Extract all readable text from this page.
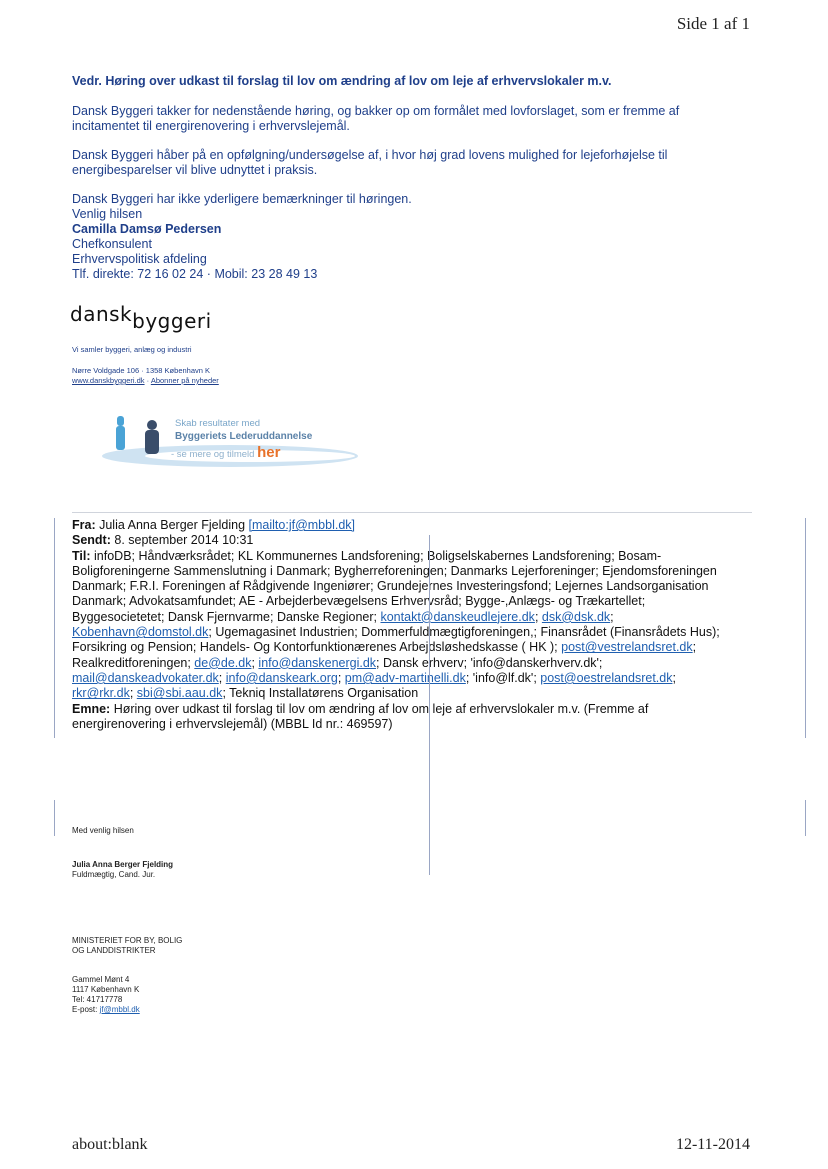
Side 1 af 1
Vedr. Høring over udkast til forslag til lov om ændring af lov om leje af erhvervslokaler m.v.
Dansk Byggeri takker for nedenstående høring, og bakker op om formålet med lovforslaget, som er fremme af
incitamentet til energirenovering i erhvervslejemål.
Dansk Byggeri håber på en opfølgning/undersøgelse af, i hvor høj grad lovens mulighed for lejeforhøjelse til
energibesparelser vil blive udnyttet i praksis.
Dansk Byggeri har ikke yderligere bemærkninger til høringen.
Venlig hilsen
Camilla Damsø Pedersen
Chefkonsulent
Erhvervspolitisk afdeling
Tlf. direkte: 72 16 02 24 · Mobil: 23 28 49 13
danskbyggeri
Vi samler byggeri, anlæg og industri
Nørre Voldgade 106 · 1358 København K
www.danskbyggeri.dk · Abonner på nyheder
Skab resultater med
Byggeriets Lederuddannelse
- se mere og tilmeld her
Fra: Julia Anna Berger Fjelding [mailto:jf@mbbl.dk]
Sendt: 8. september 2014 10:31
Til: infoDB; Håndværksrådet; KL Kommunernes Landsforening; Boligselskabernes Landsforening; Bosam-
Boligforeningerne Sammenslutning i Danmark; Bygherreforeningen; Danmarks Lejerforeninger; Ejendomsforeningen
Danmark; F.R.I. Foreningen af Rådgivende Ingeniører; Grundejernes Investeringsfond; Lejernes Landsorganisation
Danmark; Advokatsamfundet; AE - Arbejderbevægelsens Erhvervsråd; Bygge-,Anlægs- og Trækartellet;
Byggesocietetet; Dansk Fjernvarme; Danske Regioner; kontakt@danskeudlejere.dk; dsk@dsk.dk;
Kobenhavn@domstol.dk; Ugemagasinet Industrien; Dommerfuldmægtigforeningen,; Finansrådet (Finansrådets Hus);
Forsikring og Pension; Handels- Og Kontorfunktionærenes Arbejdsløshedskasse ( HK ); post@vestrelandsret.dk;
Realkreditforeningen; de@de.dk; info@danskenergi.dk; Dansk erhverv; 'info@danskerhverv.dk';
mail@danskeadvokater.dk; info@danskeark.org; pm@adv-martinelli.dk; 'info@lf.dk'; post@oestrelandsret.dk;
rkr@rkr.dk; sbi@sbi.aau.dk; Tekniq Installatørens Organisation
Emne: Høring over udkast til forslag til lov om ændring af lov om leje af erhvervslokaler m.v. (Fremme af
energirenovering i erhvervslejemål) (MBBL Id nr.: 469597)
Med venlig hilsen
Julia Anna Berger Fjelding
Fuldmægtig, Cand. Jur.
MINISTERIET FOR BY, BOLIG
OG LANDDISTRIKTER
Gammel Mønt 4
1117 København K
Tel: 41717778
E-post: jf@mbbl.dk
about:blank	12-11-2014
